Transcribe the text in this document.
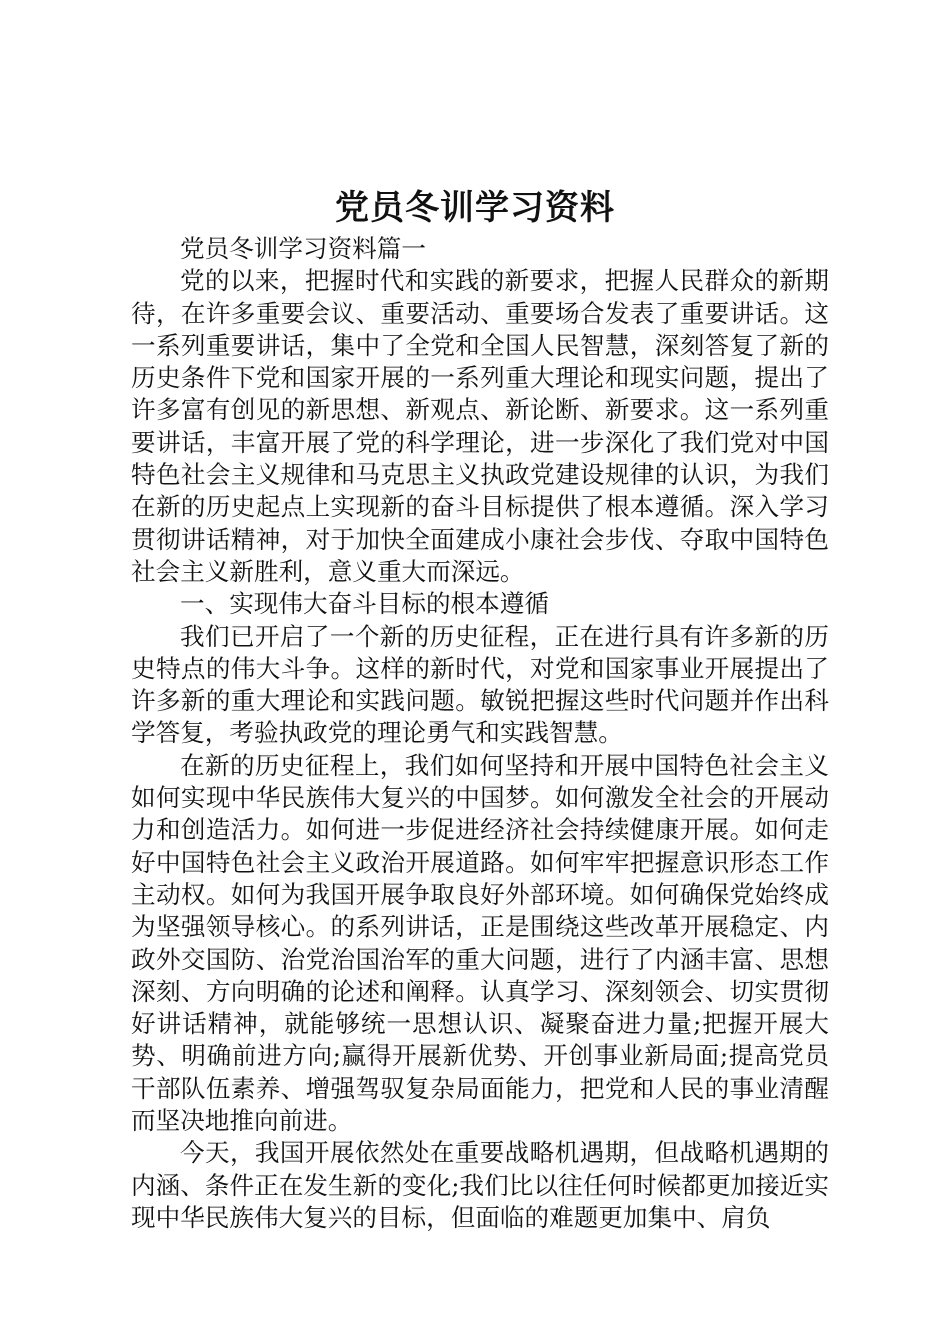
党员冬训学习资料

党员冬训学习资料篇一

党的以来，把握时代和实践的新要求，把握人民群众的新期待，在许多重要会议、重要活动、重要场合发表了重要讲话。这一系列重要讲话，集中了全党和全国人民智慧，深刻答复了新的历史条件下党和国家开展的一系列重大理论和现实问题，提出了许多富有创见的新思想、新观点、新论断、新要求。这一系列重要讲话，丰富开展了党的科学理论，进一步深化了我们党对中国特色社会主义规律和马克思主义执政党建设规律的认识，为我们在新的历史起点上实现新的奋斗目标提供了根本遵循。深入学习贯彻讲话精神，对于加快全面建成小康社会步伐、夺取中国特色社会主义新胜利，意义重大而深远。

一、实现伟大奋斗目标的根本遵循

我们已开启了一个新的历史征程，正在进行具有许多新的历史特点的伟大斗争。这样的新时代，对党和国家事业开展提出了许多新的重大理论和实践问题。敏锐把握这些时代问题并作出科学答复，考验执政党的理论勇气和实践智慧。

在新的历史征程上，我们如何坚持和开展中国特色社会主义如何实现中华民族伟大复兴的中国梦。如何激发全社会的开展动力和创造活力。如何进一步促进经济社会持续健康开展。如何走好中国特色社会主义政治开展道路。如何牢牢把握意识形态工作主动权。如何为我国开展争取良好外部环境。如何确保党始终成为坚强领导核心。的系列讲话，正是围绕这些改革开展稳定、内政外交国防、治党治国治军的重大问题，进行了内涵丰富、思想深刻、方向明确的论述和阐释。认真学习、深刻领会、切实贯彻好讲话精神，就能够统一思想认识、凝聚奋进力量;把握开展大势、明确前进方向;赢得开展新优势、开创事业新局面;提高党员干部队伍素养、增强驾驭复杂局面能力，把党和人民的事业清醒而坚决地推向前进。

今天，我国开展依然处在重要战略机遇期，但战略机遇期的内涵、条件正在发生新的变化;我们比以往任何时候都更加接近实现中华民族伟大复兴的目标，但面临的难题更加集中、肩负
